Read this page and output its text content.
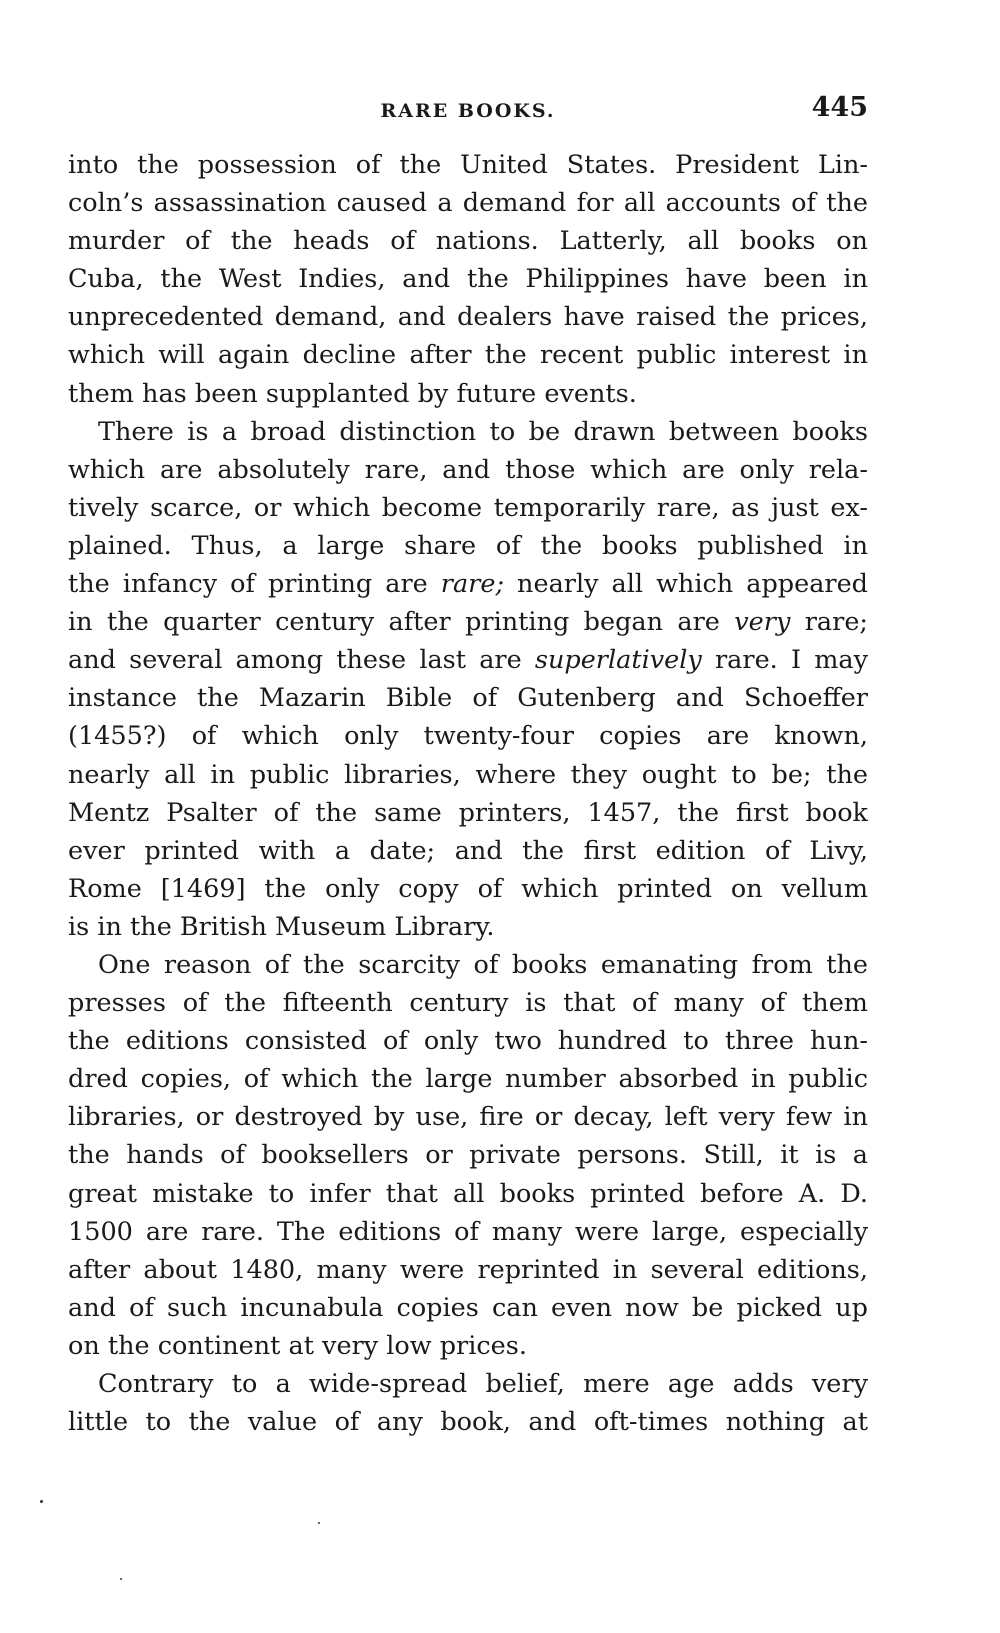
RARE BOOKS.	445
into the possession of the United States. President Lin-
coln’s assassination caused a demand for all accounts of the
murder of the heads of nations. Latterly, all books on
Cuba, the West Indies, and the Philippines have been in
unprecedented demand, and dealers have raised the prices,
which will again decline after the recent public interest in
them has been supplanted by future events.
There is a broad distinction to be drawn between books
which are absolutely rare, and those which are only rela-
tively scarce, or which become temporarily rare, as just ex-
plained. Thus, a large share of the books published in
the infancy of printing are rare; nearly all which appeared
in the quarter century after printing began are very rare;
and several among these last are superlatively rare. I may
instance the Mazarin Bible of Gutenberg and Schoeffer
(1455?) of which only twenty-four copies are known,
nearly all in public libraries, where they ought to be; the
Mentz Psalter of the same printers, 1457, the first book
ever printed with a date; and the first edition of Livy,
Rome [1469] the only copy of which printed on vellum
is in the British Museum Library.
One reason of the scarcity of books emanating from the
presses of the fifteenth century is that of many of them
the editions consisted of only two hundred to three hun-
dred copies, of which the large number absorbed in public
libraries, or destroyed by use, fire or decay, left very few in
the hands of booksellers or private persons. Still, it is a
great mistake to infer that all books printed before A. D.
1500 are rare. The editions of many were large, especially
after about 1480, many were reprinted in several editions,
and of such incunabula copies can even now be picked up
on the continent at very low prices.
Contrary to a wide-spread belief, mere age adds very
little to the value of any book, and oft-times nothing at
